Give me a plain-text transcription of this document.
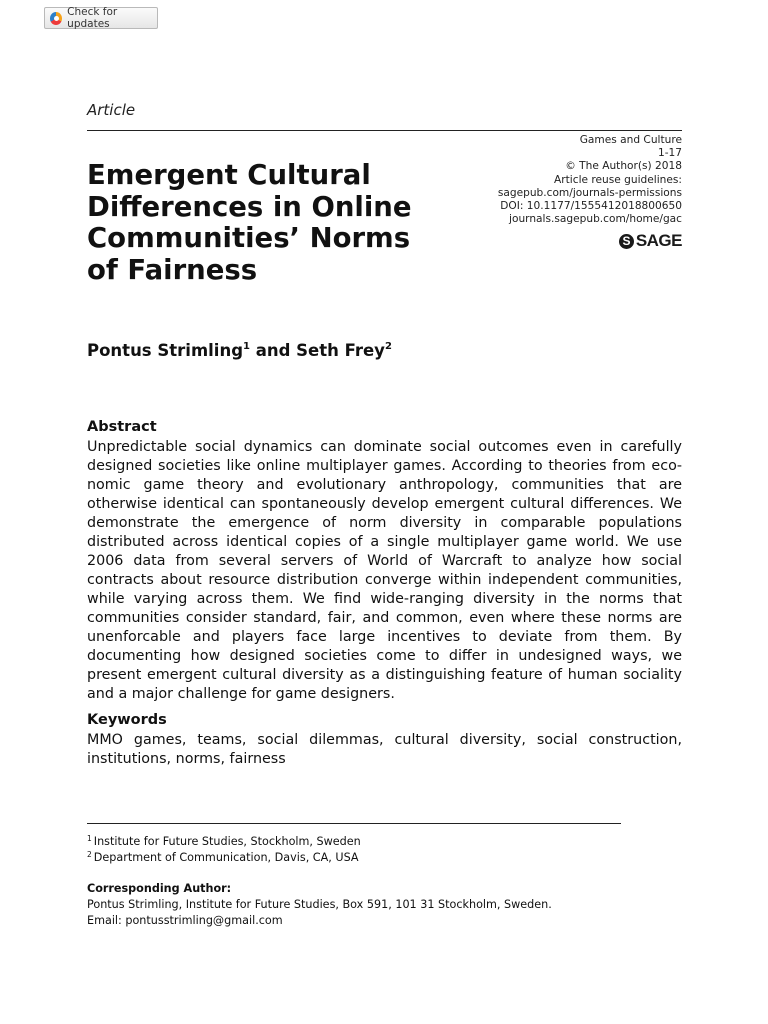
Check for updates
Article
Games and Culture
1-17
© The Author(s) 2018
Article reuse guidelines:
sagepub.com/journals-permissions
DOI: 10.1177/1555412018800650
journals.sagepub.com/home/gac
S SAGE
Emergent Cultural
Differences in Online
Communities’ Norms
of Fairness
Pontus Strimling$^1$ and Seth Frey$^2$
Abstract
Unpredictable social dynamics can dominate social outcomes even in carefully designed societies like online multiplayer games. According to theories from economic game theory and evolutionary anthropology, communities that are otherwise identical can spontaneously develop emergent cultural differences. We demonstrate the emergence of norm diversity in comparable populations distributed across identical copies of a single multiplayer game world. We use 2006 data from several servers of World of Warcraft to analyze how social contracts about resource distribution converge within independent communities, while varying across them. We find wide-ranging diversity in the norms that communities consider standard, fair, and common, even where these norms are unenforcable and players face large incentives to deviate from them. By documenting how designed societies come to differ in undesigned ways, we present emergent cultural diversity as a distinguishing feature of human sociality and a major challenge for game designers.
Keywords
MMO games, teams, social dilemmas, cultural diversity, social construction, institutions, norms, fairness
$^1$ Institute for Future Studies, Stockholm, Sweden
$^2$ Department of Communication, Davis, CA, USA
Corresponding Author:
Pontus Strimling, Institute for Future Studies, Box 591, 101 31 Stockholm, Sweden.
Email: pontusstrimling@gmail.com
